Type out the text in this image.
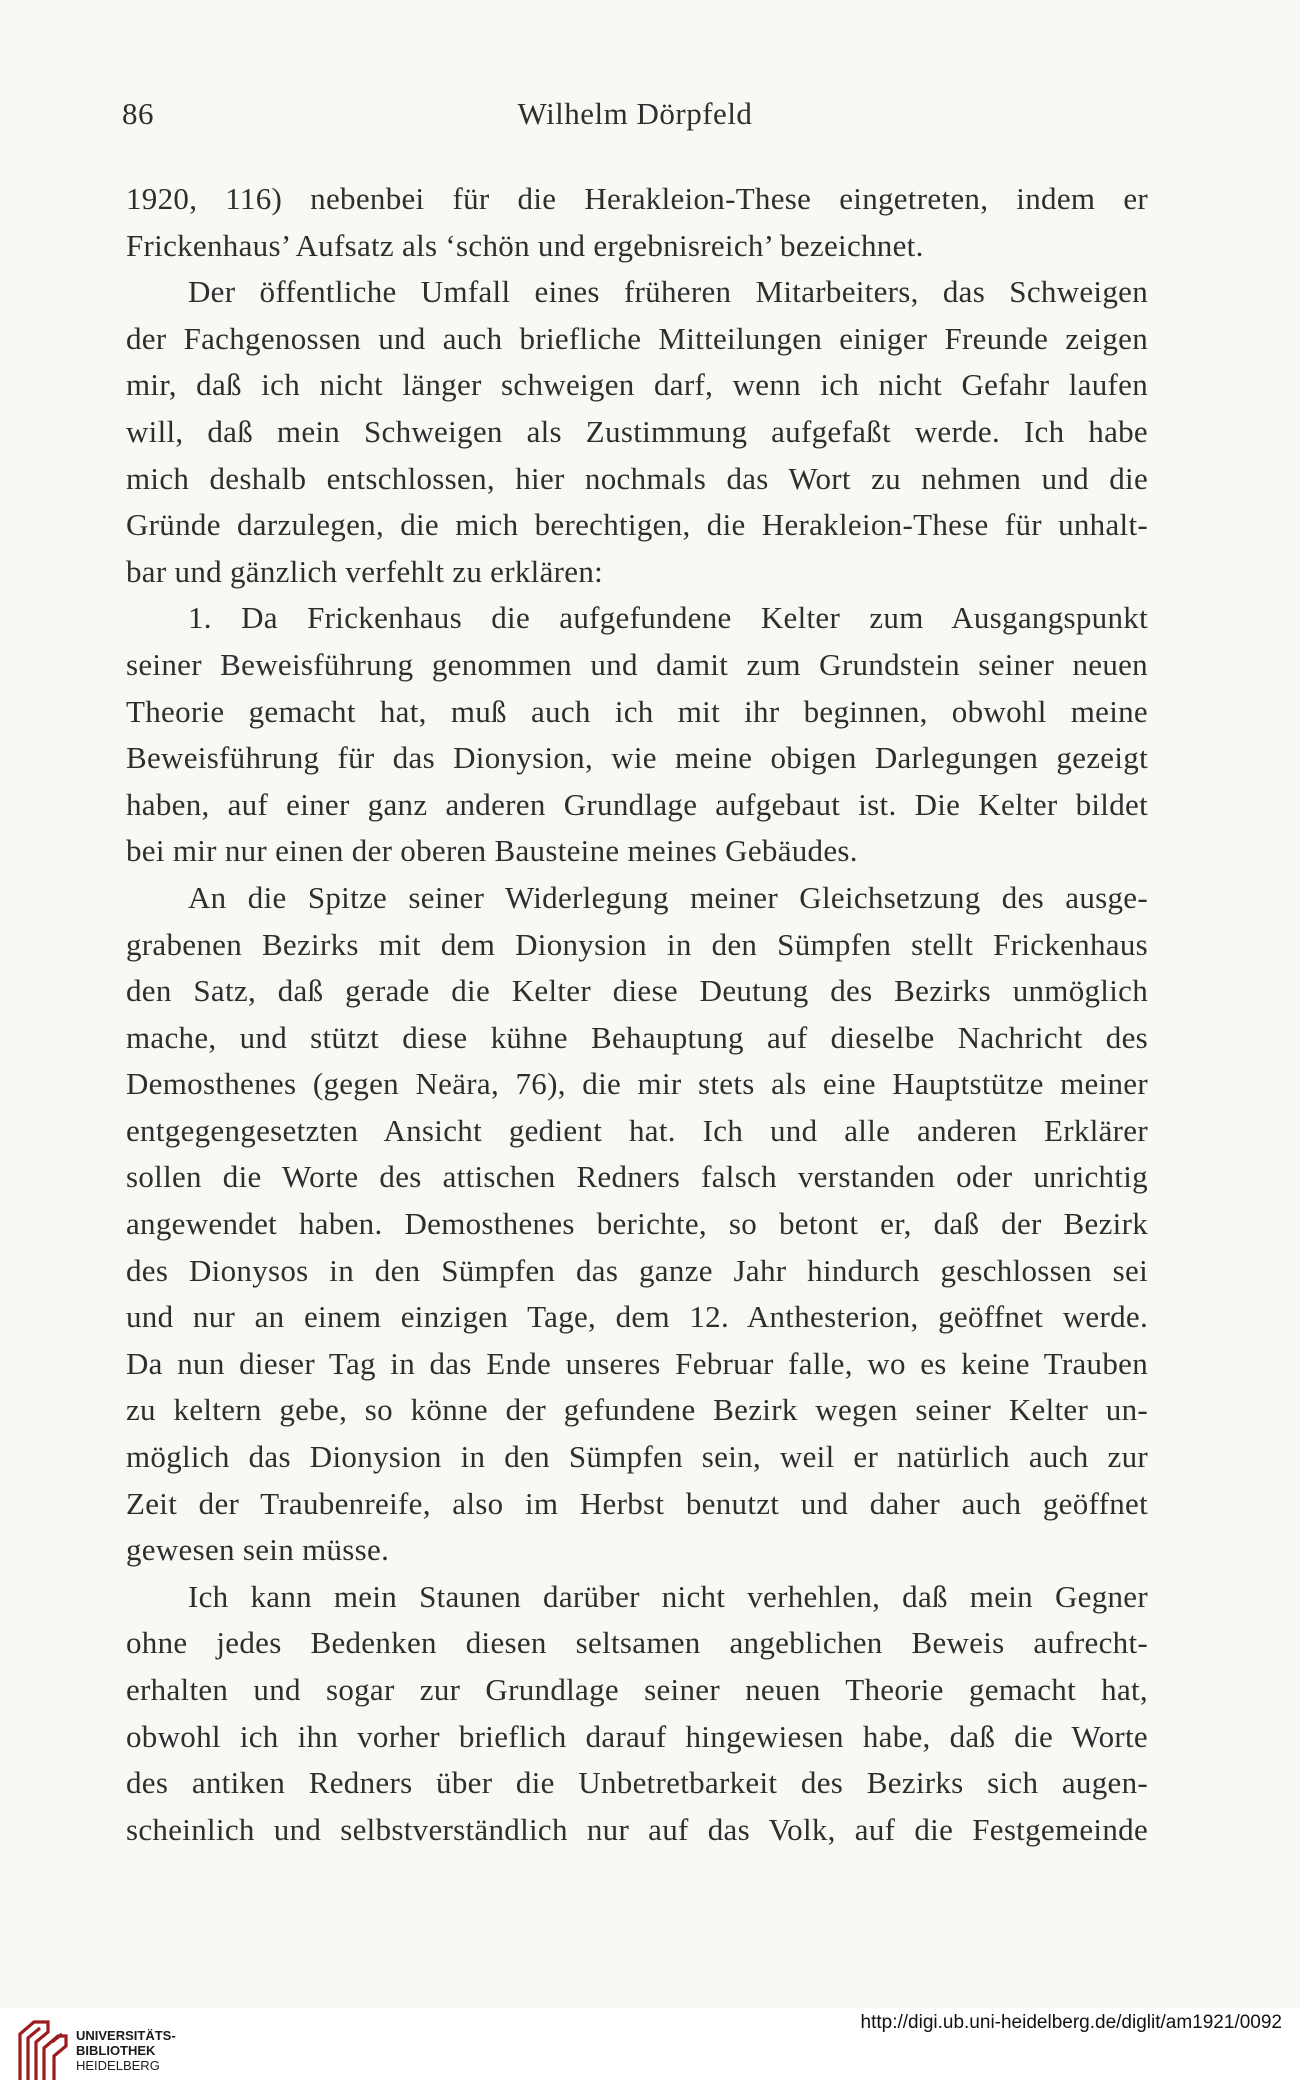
86	Wilhelm Dörpfeld
1920, 116) nebenbei für die Herakleion-These eingetreten, indem er
Frickenhaus’ Aufsatz als ‘schön und ergebnisreich’ bezeichnet.
Der öffentliche Umfall eines früheren Mitarbeiters, das Schweigen
der Fachgenossen und auch briefliche Mitteilungen einiger Freunde zeigen
mir, daß ich nicht länger schweigen darf, wenn ich nicht Gefahr laufen
will, daß mein Schweigen als Zustimmung aufgefaßt werde. Ich habe
mich deshalb entschlossen, hier nochmals das Wort zu nehmen und die
Gründe darzulegen, die mich berechtigen, die Herakleion-These für unhalt-
bar und gänzlich verfehlt zu erklären:
1. Da Frickenhaus die aufgefundene Kelter zum Ausgangspunkt
seiner Beweisführung genommen und damit zum Grundstein seiner neuen
Theorie gemacht hat, muß auch ich mit ihr beginnen, obwohl meine
Beweisführung für das Dionysion, wie meine obigen Darlegungen gezeigt
haben, auf einer ganz anderen Grundlage aufgebaut ist. Die Kelter bildet
bei mir nur einen der oberen Bausteine meines Gebäudes.
An die Spitze seiner Widerlegung meiner Gleichsetzung des ausge-
grabenen Bezirks mit dem Dionysion in den Sümpfen stellt Frickenhaus
den Satz, daß gerade die Kelter diese Deutung des Bezirks unmöglich
mache, und stützt diese kühne Behauptung auf dieselbe Nachricht des
Demosthenes (gegen Neära, 76), die mir stets als eine Hauptstütze meiner
entgegengesetzten Ansicht gedient hat. Ich und alle anderen Erklärer
sollen die Worte des attischen Redners falsch verstanden oder unrichtig
angewendet haben. Demosthenes berichte, so betont er, daß der Bezirk
des Dionysos in den Sümpfen das ganze Jahr hindurch geschlossen sei
und nur an einem einzigen Tage, dem 12. Anthesterion, geöffnet werde.
Da nun dieser Tag in das Ende unseres Februar falle, wo es keine Trauben
zu keltern gebe, so könne der gefundene Bezirk wegen seiner Kelter un-
möglich das Dionysion in den Sümpfen sein, weil er natürlich auch zur
Zeit der Traubenreife, also im Herbst benutzt und daher auch geöffnet
gewesen sein müsse.
Ich kann mein Staunen darüber nicht verhehlen, daß mein Gegner
ohne jedes Bedenken diesen seltsamen angeblichen Beweis aufrecht-
erhalten und sogar zur Grundlage seiner neuen Theorie gemacht hat,
obwohl ich ihn vorher brieflich darauf hingewiesen habe, daß die Worte
des antiken Redners über die Unbetretbarkeit des Bezirks sich augen-
scheinlich und selbstverständlich nur auf das Volk, auf die Festgemeinde
UNIVERSITÄTS-
BIBLIOTHEK
HEIDELBERG
http://digi.ub.uni-heidelberg.de/diglit/am1921/0092
